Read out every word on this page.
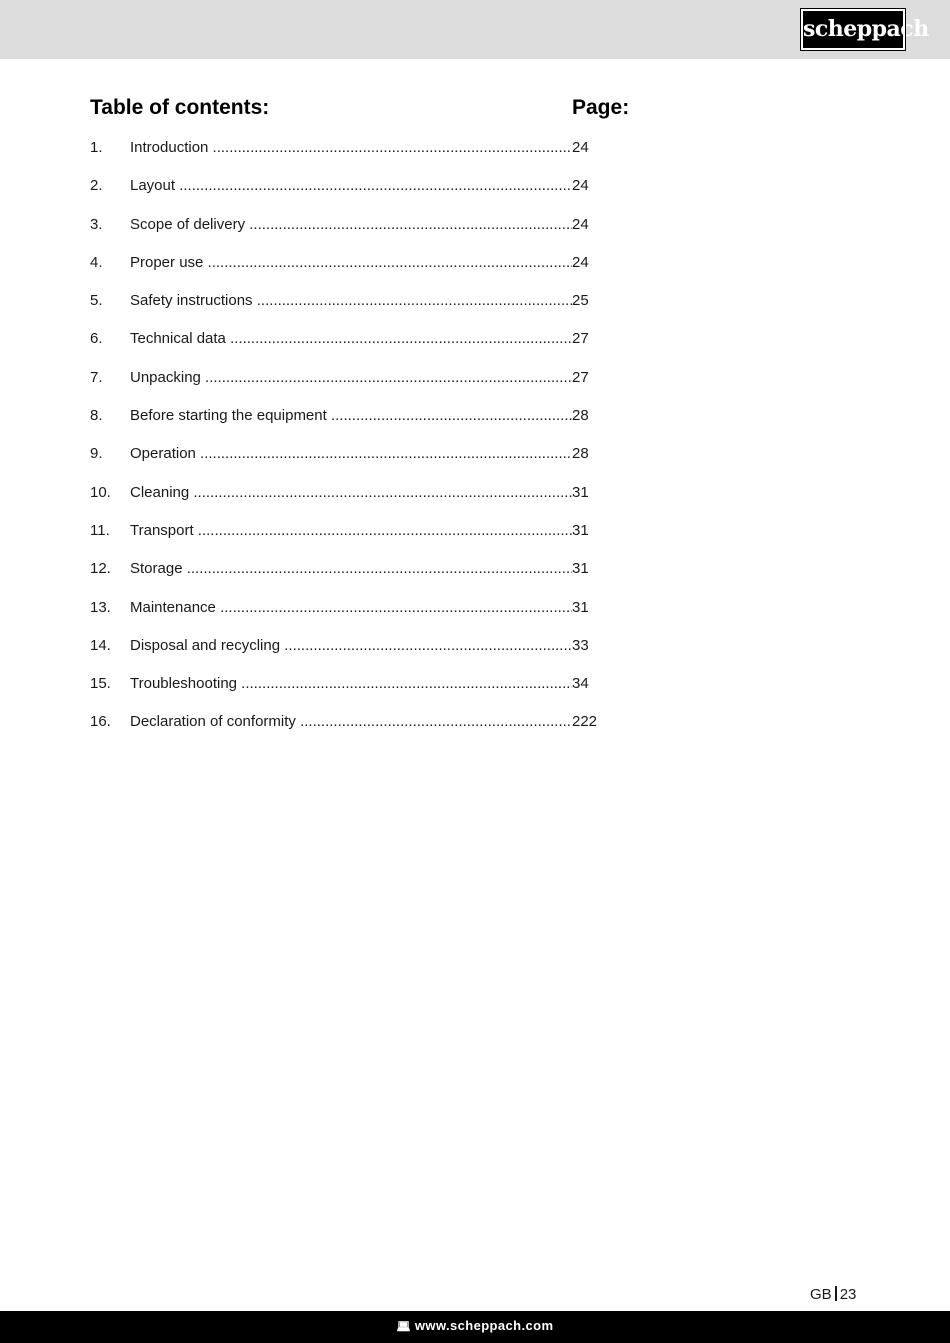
scheppach
Table of contents:	Page:
1.	Introduction .....	24
2.	Layout .....	24
3.	Scope of delivery .....	24
4.	Proper use .....	24
5.	Safety instructions .....	25
6.	Technical data .....	27
7.	Unpacking .....	27
8.	Before starting the equipment .....	28
9.	Operation .....	28
10.	Cleaning .....	31
11.	Transport .....	31
12.	Storage .....	31
13.	Maintenance .....	31
14.	Disposal and recycling .....	33
15.	Troubleshooting .....	34
16.	Declaration of conformity .....	222
GB 23
💻︎ www.scheppach.com
